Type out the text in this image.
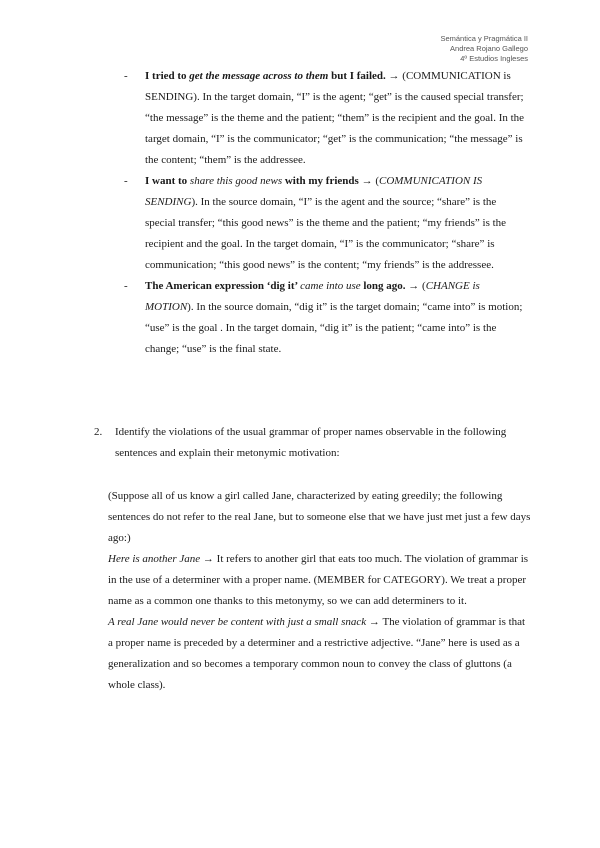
Semántica y Pragmática II
Andrea Rojano Gallego
4º Estudios Ingleses
- I tried to get the message across to them but I failed. → (COMMUNICATION is SENDING). In the target domain, “I” is the agent; “get” is the caused special transfer; “the message” is the theme and the patient; “them” is the recipient and the goal. In the target domain, “I” is the communicator; “get” is the communication; “the message” is the content; “them” is the addressee.
- I want to share this good news with my friends → (COMMUNICATION IS SENDING). In the source domain, “I” is the agent and the source; “share” is the special transfer; “this good news” is the theme and the patient; “my friends” is the recipient and the goal. In the target domain, “I” is the communicator; “share” is communication; “this good news” is the content; “my friends” is the addressee.
- The American expression ‘dig it’ came into use long ago. → (CHANGE is MOTION). In the source domain, “dig it” is the target domain; “came into” is motion; “use” is the goal . In the target domain, “dig it” is the patient; “came into” is the change; “use” is the final state.
2.	Identify the violations of the usual grammar of proper names observable in the following sentences and explain their metonymic motivation:

(Suppose all of us know a girl called Jane, characterized by eating greedily; the following sentences do not refer to the real Jane, but to someone else that we have just met just a few days ago:)

Here is another Jane → It refers to another girl that eats too much. The violation of grammar is in the use of a determiner with a proper name. (MEMBER for CATEGORY). We treat a proper name as a common one thanks to this metonymy, so we can add determiners to it.

A real Jane would never be content with just a small snack → The violation of grammar is that a proper name is preceded by a determiner and a restrictive adjective. “Jane” here is used as a generalization and so becomes a temporary common noun to convey the class of gluttons (a whole class).
